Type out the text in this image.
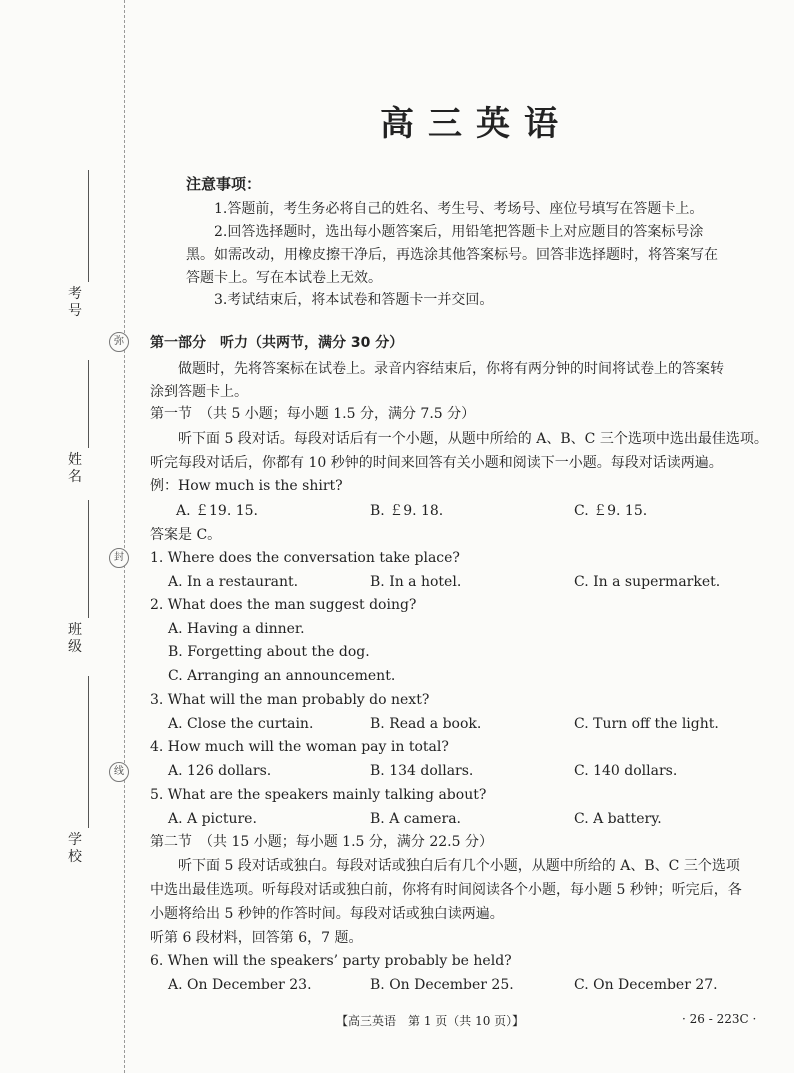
弥
封
线
考号
姓名
班级
学校
高三英语
注意事项：
1.答题前，考生务必将自己的姓名、考生号、考场号、座位号填写在答题卡上。
2.回答选择题时，选出每小题答案后，用铅笔把答题卡上对应题目的答案标号涂
黑。如需改动，用橡皮擦干净后，再选涂其他答案标号。回答非选择题时，将答案写在
答题卡上。写在本试卷上无效。
3.考试结束后，将本试卷和答题卡一并交回。
第一部分　听力（共两节，满分 30 分）
做题时，先将答案标在试卷上。录音内容结束后，你将有两分钟的时间将试卷上的答案转
涂到答题卡上。
第一节　（共 5 小题；每小题 1.5 分，满分 7.5 分）
听下面 5 段对话。每段对话后有一个小题，从题中所给的 A、B、C 三个选项中选出最佳选项。
听完每段对话后，你都有 10 秒钟的时间来回答有关小题和阅读下一小题。每段对话读两遍。
例：How much is the shirt?
A. ￡19. 15.	B. ￡9. 18.	C. ￡9. 15.
答案是 C。
1. Where does the conversation take place?
A. In a restaurant.	B. In a hotel.	C. In a supermarket.
2. What does the man suggest doing?
A. Having a dinner.
B. Forgetting about the dog.
C. Arranging an announcement.
3. What will the man probably do next?
A. Close the curtain.	B. Read a book.	C. Turn off the light.
4. How much will the woman pay in total?
A. 126 dollars.	B. 134 dollars.	C. 140 dollars.
5. What are the speakers mainly talking about?
A. A picture.	B. A camera.	C. A battery.
第二节　（共 15 小题；每小题 1.5 分，满分 22.5 分）
听下面 5 段对话或独白。每段对话或独白后有几个小题，从题中所给的 A、B、C 三个选项
中选出最佳选项。听每段对话或独白前，你将有时间阅读各个小题，每小题 5 秒钟；听完后，各
小题将给出 5 秒钟的作答时间。每段对话或独白读两遍。
听第 6 段材料，回答第 6，7 题。
6. When will the speakers’ party probably be held?
A. On December 23.	B. On December 25.	C. On December 27.
【高三英语　第 1 页（共 10 页）】	· 26 - 223C ·
